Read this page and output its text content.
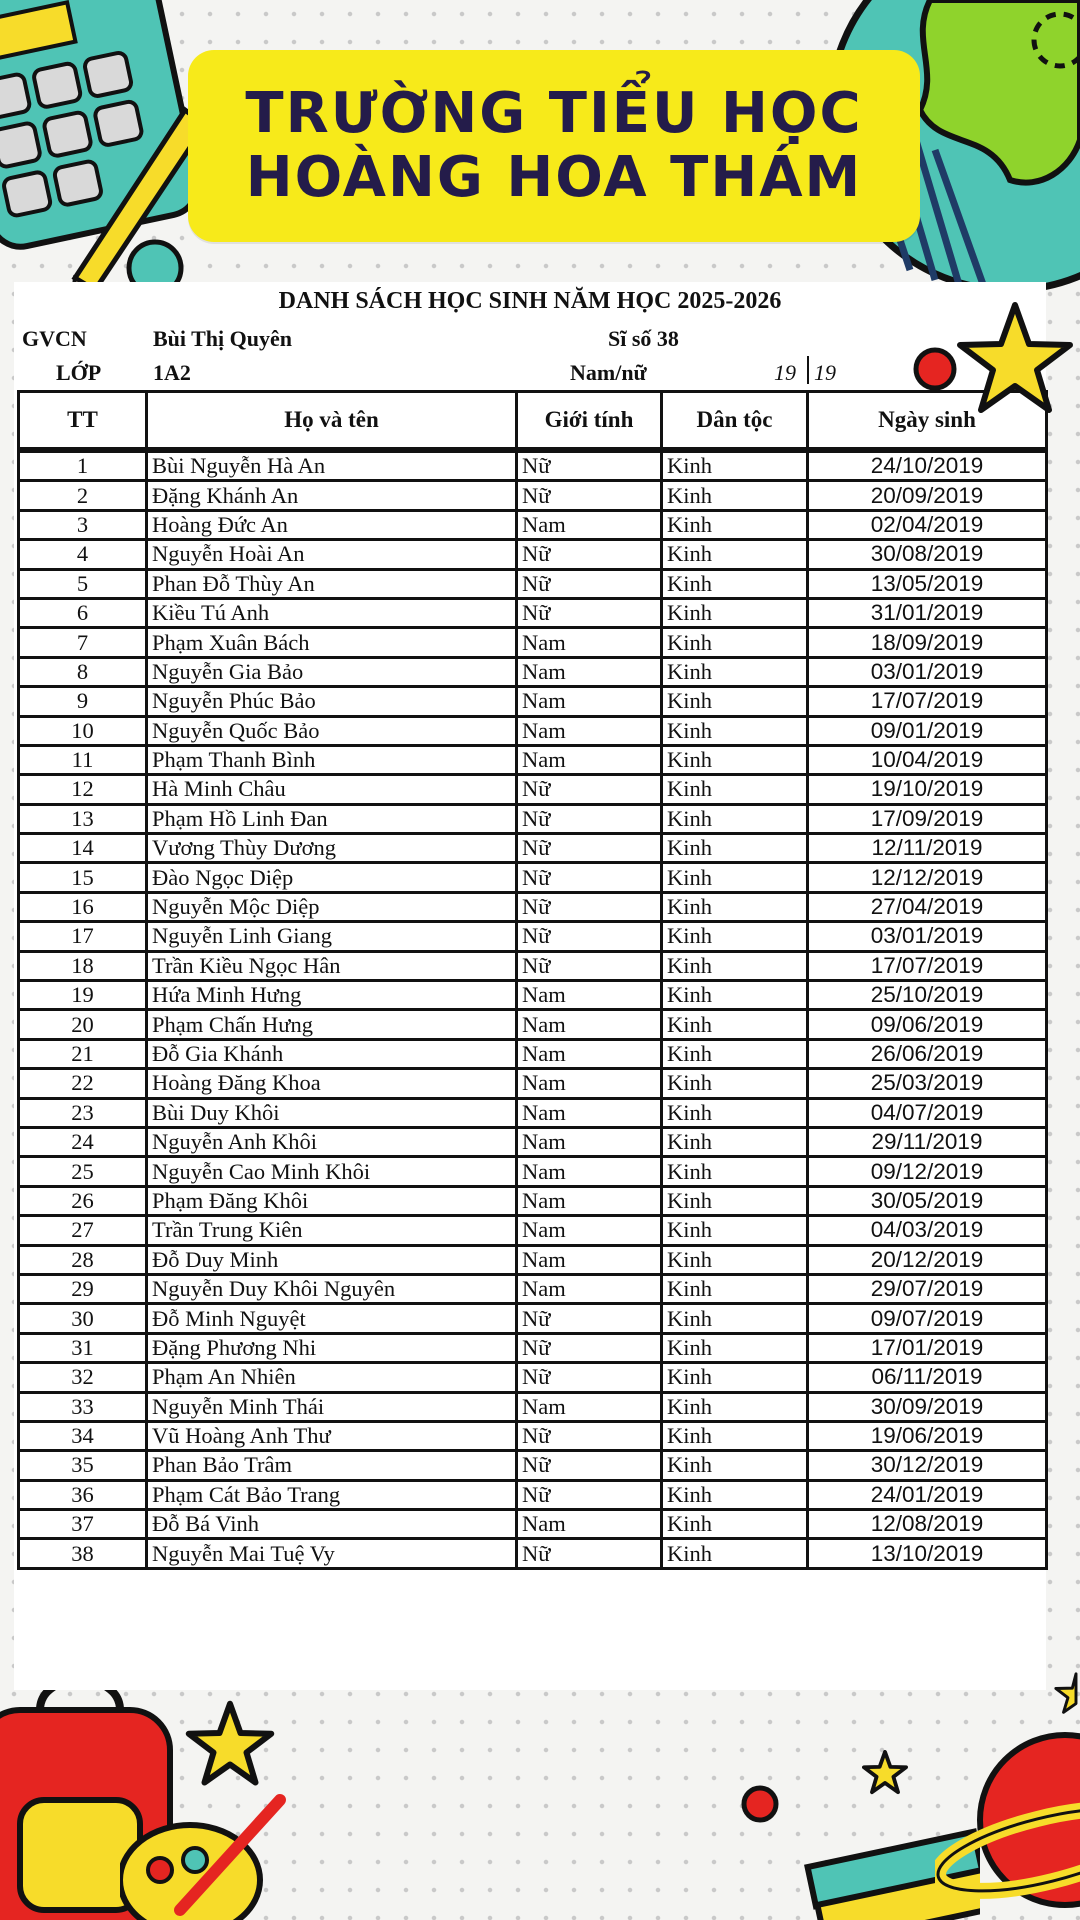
TRƯỜNG TIỂU HỌC
HOÀNG HOA THÁM
DANH SÁCH HỌC SINH NĂM HỌC 2025-2026
GVCN	Bùi Thị Quyên	Sĩ số 38
LỚP 1A2	Nam/nữ	19 19
TT	Họ và tên	Giới tính	Dân tộc	Ngày sinh

1	Bùi Nguyễn Hà An	Nữ	Kinh	24/10/2019
2	Đặng Khánh An	Nữ	Kinh	20/09/2019
3	Hoàng Đức An	Nam	Kinh	02/04/2019
4	Nguyễn Hoài An	Nữ	Kinh	30/08/2019
5	Phan Đỗ Thùy An	Nữ	Kinh	13/05/2019
6	Kiều Tú Anh	Nữ	Kinh	31/01/2019
7	Phạm Xuân Bách	Nam	Kinh	18/09/2019
8	Nguyễn Gia Bảo	Nam	Kinh	03/01/2019
9	Nguyễn Phúc Bảo	Nam	Kinh	17/07/2019
10	Nguyễn Quốc Bảo	Nam	Kinh	09/01/2019
11	Phạm Thanh Bình	Nam	Kinh	10/04/2019
12	Hà Minh Châu	Nữ	Kinh	19/10/2019
13	Phạm Hồ Linh Đan	Nữ	Kinh	17/09/2019
14	Vương Thùy Dương	Nữ	Kinh	12/11/2019
15	Đào Ngọc Diệp	Nữ	Kinh	12/12/2019
16	Nguyễn Mộc Diệp	Nữ	Kinh	27/04/2019
17	Nguyễn Linh Giang	Nữ	Kinh	03/01/2019
18	Trần Kiều Ngọc Hân	Nữ	Kinh	17/07/2019
19	Hứa Minh Hưng	Nam	Kinh	25/10/2019
20	Phạm Chấn Hưng	Nam	Kinh	09/06/2019
21	Đỗ Gia Khánh	Nam	Kinh	26/06/2019
22	Hoàng Đăng Khoa	Nam	Kinh	25/03/2019
23	Bùi Duy Khôi	Nam	Kinh	04/07/2019
24	Nguyễn Anh Khôi	Nam	Kinh	29/11/2019
25	Nguyễn Cao Minh Khôi	Nam	Kinh	09/12/2019
26	Phạm Đăng Khôi	Nam	Kinh	30/05/2019
27	Trần Trung Kiên	Nam	Kinh	04/03/2019
28	Đỗ Duy Minh	Nam	Kinh	20/12/2019
29	Nguyễn Duy Khôi Nguyên	Nam	Kinh	29/07/2019
30	Đỗ Minh Nguyệt	Nữ	Kinh	09/07/2019
31	Đặng Phương Nhi	Nữ	Kinh	17/01/2019
32	Phạm An Nhiên	Nữ	Kinh	06/11/2019
33	Nguyễn Minh Thái	Nam	Kinh	30/09/2019
34	Vũ Hoàng Anh Thư	Nữ	Kinh	19/06/2019
35	Phan Bảo Trâm	Nữ	Kinh	30/12/2019
36	Phạm Cát Bảo Trang	Nữ	Kinh	24/01/2019
37	Đỗ Bá Vinh	Nam	Kinh	12/08/2019
38	Nguyễn Mai Tuệ Vy	Nữ	Kinh	13/10/2019
